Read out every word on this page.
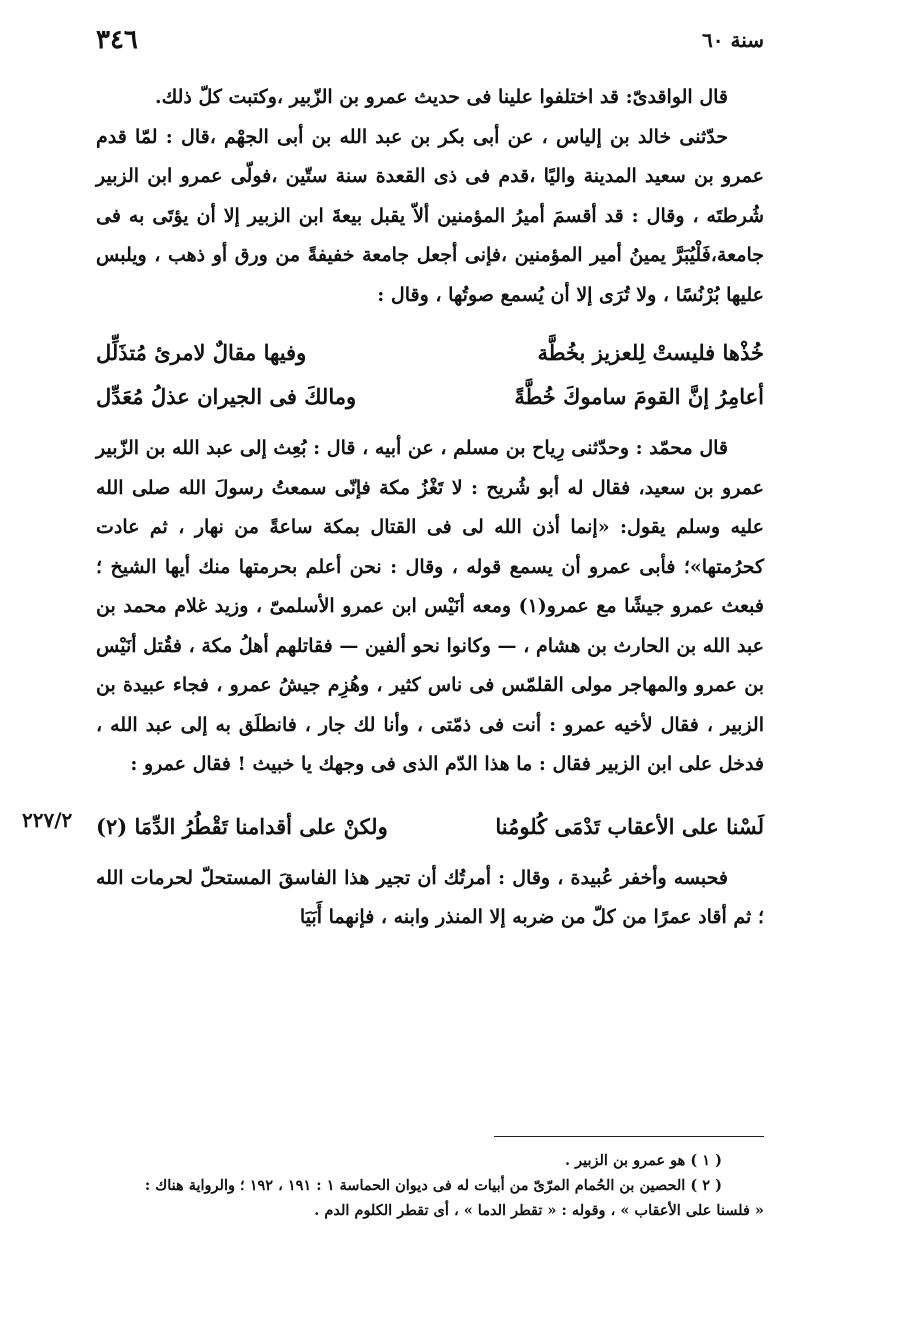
٣٤٦	سنة ٦٠
٢٢٧/٢

قال الواقدىّ: قد اختلفوا علينا فى حديث عمرو بن الزّبير ،وكتبت كلّ ذلك.

حدّثنى خالد بن إلياس ، عن أبى بكر بن عبد الله بن أبى الجهْم ،قال : لمّا قدم عمرو بن سعيد المدينة واليًا ،قدم فى ذى القعدة سنة ستّين ،فولّى عمرو ابن الزبير شُرطتَه ، وقال : قد أقسمَ أميرُ المؤمنين ألاّ يقبل بيعةَ ابن الزبير إلا أن يؤتَى به فى جامعة،فَلْيُبَرَّ يمينُ أمير المؤمنين ،فإنى أجعل جامعة خفيفةً من ورق أو ذهب ، ويلبس عليها بُرْنُسًا ، ولا تُرَى إلا أن يُسمع صوتُها ، وقال :

خُذْها فليستْ لِلعزيز بخُطَّة
وفيها مقالٌ لامرئ مُتذَلِّل
أعامِرُ إنَّ القومَ ساموكَ خُطَّةً
ومالكَ فى الجيران عذلُ مُعَدِّل

قال محمّد : وحدّثنى رِياح بن مسلم ، عن أبيه ، قال : بُعِث إلى عبد الله بن الزّبير عمرو بن سعيد، فقال له أبو شُريح : لا تَغْزُ مكة فإنّى سمعتُ رسولَ الله صلى الله عليه وسلم يقول: «إنما أذن الله لى فى القتال بمكة ساعةً من نهار ، ثم عادت كحرُمتها»؛ فأبى عمرو أن يسمع قوله ، وقال : نحن أعلم بحرمتها منك أيها الشيخ ؛ فبعث عمرو جيشًا مع عمرو(١) ومعه أنَيْس ابن عمرو الأسلمىّ ، وزيد غلام محمد بن عبد الله بن الحارث بن هشام ، — وكانوا نحو ألفين — فقاتلهم أهلُ مكة ، فقُتل أنَيْس بن عمرو والمهاجر مولى القلمّس فى ناس كثير ، وهُزِم جيشُ عمرو ، فجاء عبيدة بن الزبير ، فقال لأخيه عمرو : أنت فى ذمّتى ، وأنا لك جار ، فانطلَق به إلى عبد الله ، فدخل على ابن الزبير فقال : ما هذا الدّم الذى فى وجهك يا خبيث ! فقال عمرو :

لَسْنا على الأعقاب تَدْمَى كُلومُنا
ولكنْ على أقدامنا تَقْطُرُ الدِّمَا (٢)

فحبسه وأخفر عُبيدة ، وقال : أمرتُك أن تجير هذا الفاسقَ المستحلّ لحرمات الله ؛ ثم أقاد عمرًا من كلّ من ضربه إلا المنذر وابنه ، فإنهما أَبَيَا

( ١ ) هو عمرو بن الزبير .

( ٢ ) الحصين بن الحُمام المرّىّ من أبيات له فى ديوان الحماسة ١ : ١٩١ ، ١٩٢ ؛ والرواية هناك :

« فلسنا على الأعقاب » ، وقوله : « تقطر الدما » ، أى تقطر الكلوم الدم .
